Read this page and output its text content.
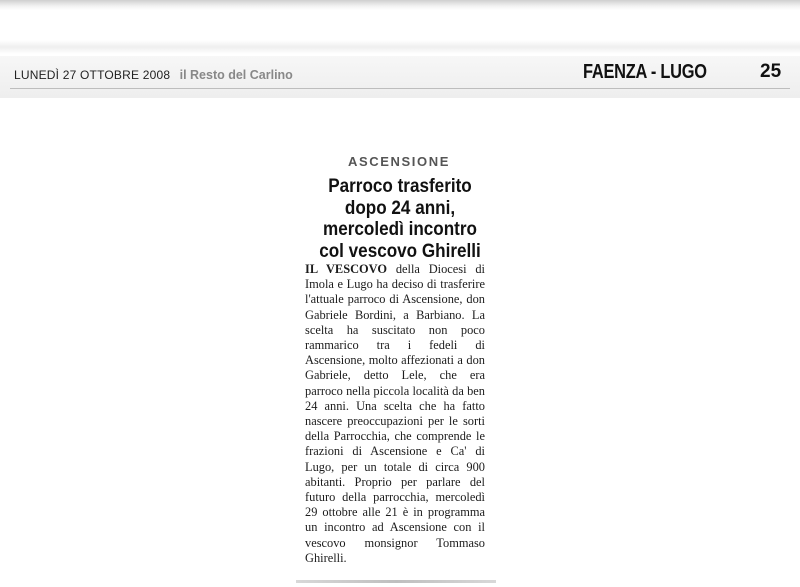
LUNEDÌ 27 OTTOBRE 2008 il Resto del Carlino	FAENZA - LUGO	25
ASCENSIONE
Parroco trasferito dopo 24 anni, mercoledì incontro col vescovo Ghirelli
IL VESCOVO della Diocesi di Imola e Lugo ha deciso di trasferire l'attuale parroco di Ascensione, don Gabriele Bordini, a Barbiano. La scelta ha suscitato non poco rammarico tra i fedeli di Ascensione, molto affezionati a don Gabriele, detto Lele, che era parroco nella piccola località da ben 24 anni. Una scelta che ha fatto nascere preoccupazioni per le sorti della Parrocchia, che comprende le frazioni di Ascensione e Ca' di Lugo, per un totale di circa 900 abitanti. Proprio per parlare del futuro della parrocchia, mercoledì 29 ottobre alle 21 è in programma un incontro ad Ascensione con il vescovo monsignor Tommaso Ghirelli.
